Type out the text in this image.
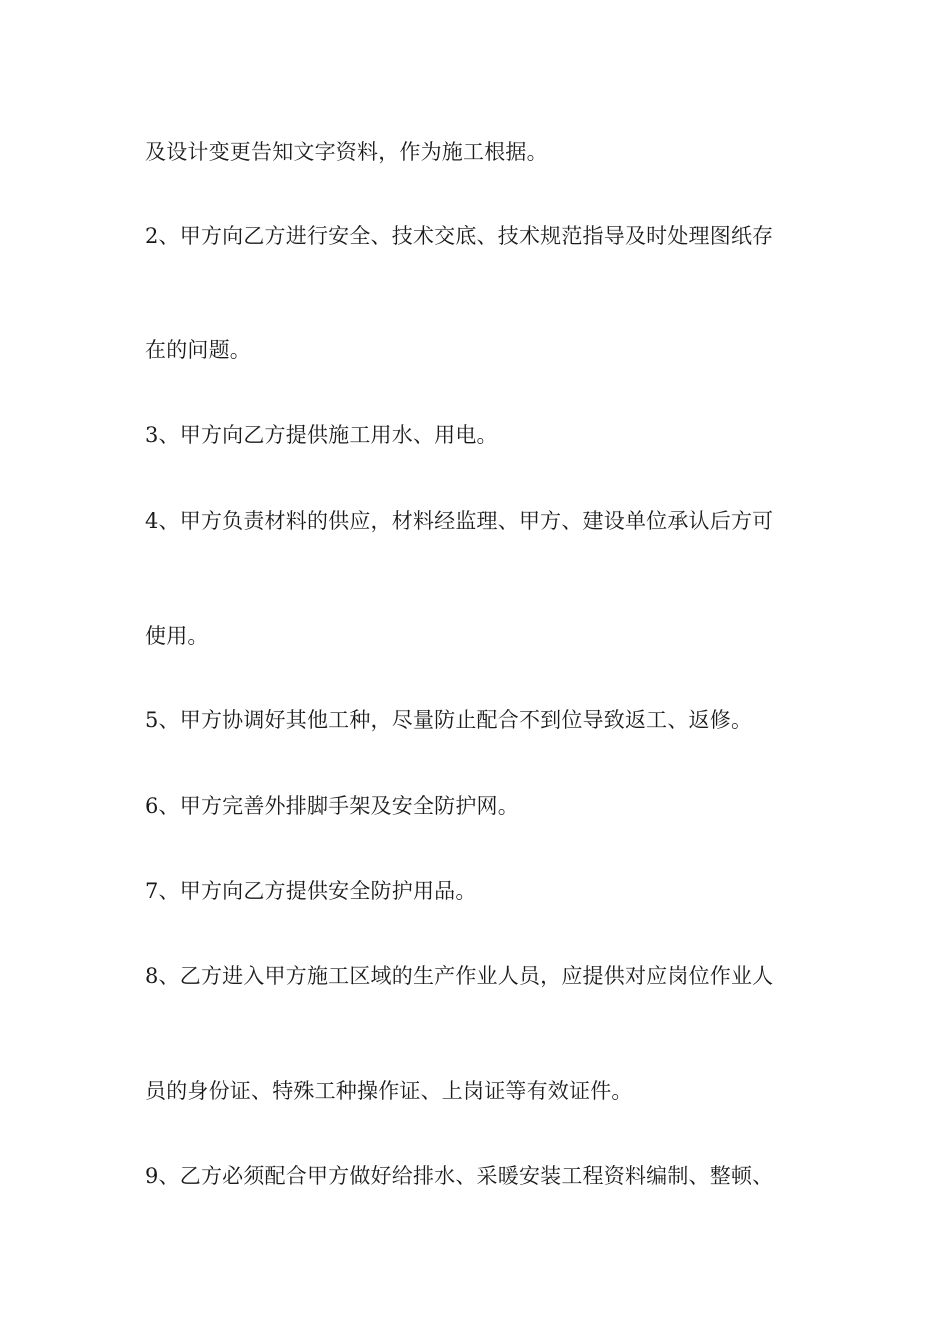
及设计变更告知文字资料，作为施工根据。
2、甲方向乙方进行安全、技术交底、技术规范指导及时处理图纸存
在的问题。
3、甲方向乙方提供施工用水、用电。
4、甲方负责材料的供应，材料经监理、甲方、建设单位承认后方可
使用。
5、甲方协调好其他工种，尽量防止配合不到位导致返工、返修。
6、甲方完善外排脚手架及安全防护网。
7、甲方向乙方提供安全防护用品。
8、乙方进入甲方施工区域的生产作业人员，应提供对应岗位作业人
员的身份证、特殊工种操作证、上岗证等有效证件。
9、乙方必须配合甲方做好给排水、采暖安装工程资料编制、整顿、
